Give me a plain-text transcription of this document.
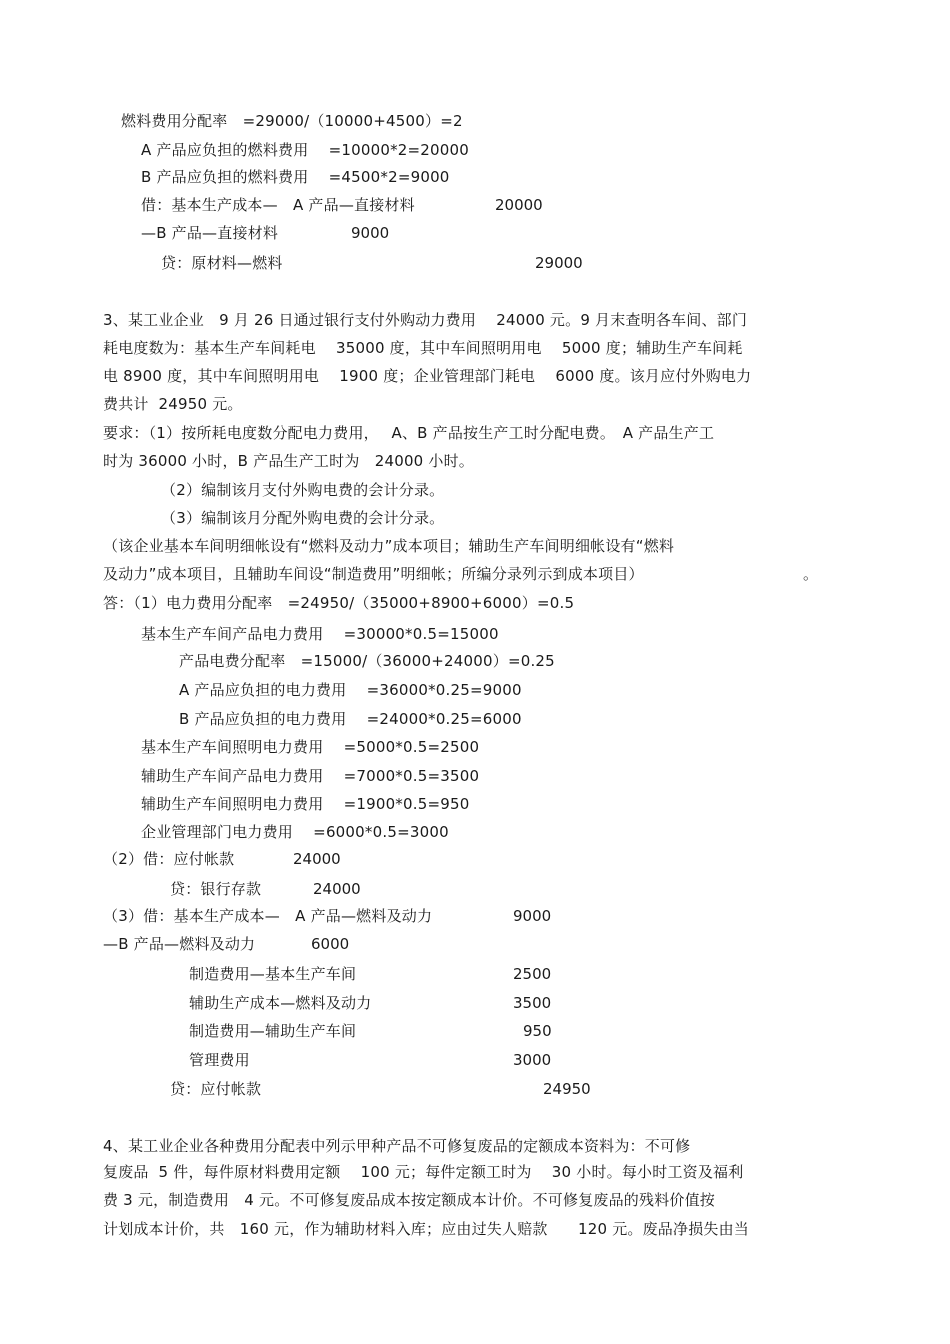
燃料费用分配率　=29000/（10000+4500）=2
A 产品应负担的燃料费用　 =10000*2=20000
B 产品应负担的燃料费用　 =4500*2=9000
借：基本生产成本—　A 产品—直接材料	20000
—B 产品—直接材料	9000
贷：原材料—燃料	29000
3、某工业企业　9 月 26 日通过银行支付外购动力费用　 24000 元。9 月末查明各车间、部门
耗电度数为：基本生产车间耗电　 35000 度，其中车间照明用电　 5000 度；辅助生产车间耗
电 8900 度，其中车间照明用电　 1900 度；企业管理部门耗电　 6000 度。该月应付外购电力
费共计  24950 元。
要求：（1）按所耗电度数分配电力费用，　 A、B 产品按生产工时分配电费。　A 产品生产工
时为 36000 小时，B 产品生产工时为　24000 小时。
（2）编制该月支付外购电费的会计分录。
（3）编制该月分配外购电费的会计分录。
（该企业基本车间明细帐设有“燃料及动力”成本项目；辅助生产车间明细帐设有“燃料
及动力”成本项目，且辅助车间设“制造费用”明细帐；所编分录列示到成本项目）	。
答：（1）电力费用分配率　=24950/（35000+8900+6000）=0.5
基本生产车间产品电力费用　 =30000*0.5=15000
产品电费分配率　=15000/（36000+24000）=0.25
A 产品应负担的电力费用　 =36000*0.25=9000
B 产品应负担的电力费用　 =24000*0.25=6000
基本生产车间照明电力费用　 =5000*0.5=2500
辅助生产车间产品电力费用　 =7000*0.5=3500
辅助生产车间照明电力费用　 =1900*0.5=950
企业管理部门电力费用　 =6000*0.5=3000
（2）借：应付帐款	24000
贷：银行存款	24000
（3）借：基本生产成本—　A 产品—燃料及动力	9000
—B 产品—燃料及动力	6000
制造费用—基本生产车间	2500
辅助生产成本—燃料及动力	3500
制造费用—辅助生产车间	950
管理费用	3000
贷：应付帐款	24950
4、某工业企业各种费用分配表中列示甲种产品不可修复废品的定额成本资料为：不可修
复废品  5 件，每件原材料费用定额　 100 元；每件定额工时为　 30 小时。每小时工资及福利
费 3 元，制造费用　4 元。不可修复废品成本按定额成本计价。不可修复废品的残料价值按
计划成本计价，共　160 元，作为辅助材料入库；应由过失人赔款　　120 元。废品净损失由当
